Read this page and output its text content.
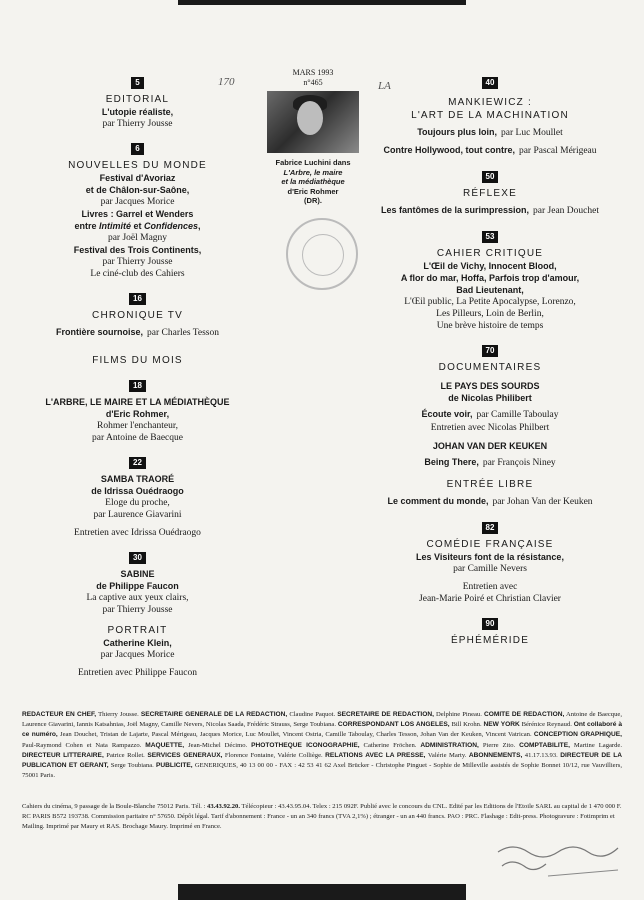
170	LA
5
EDITORIAL
L'utopie réaliste,
par Thierry Jousse
6
NOUVELLES DU MONDE
Festival d'Avoriaz
et de Châlon-sur-Saône,
par Jacques Morice
Livres : Garrel et Wenders
entre Intimité et Confidences,
par Joël Magny
Festival des Trois Continents,
par Thierry Jousse
Le ciné-club des Cahiers
16
CHRONIQUE TV
Frontière sournoise, par Charles Tesson
FILMS DU MOIS
18
L'ARBRE, LE MAIRE ET LA MÉDIATHÈQUE
d'Eric Rohmer,
Rohmer l'enchanteur,
par Antoine de Baecque
22
SAMBA TRAORÉ
de Idrissa Ouédraogo
Eloge du proche,
par Laurence Giavarini
Entretien avec Idrissa Ouédraogo
30
SABINE
de Philippe Faucon
La captive aux yeux clairs,
par Thierry Jousse
PORTRAIT
Catherine Klein,
par Jacques Morice
Entretien avec Philippe Faucon
MARS 1993
n°465
Fabrice Luchini dans
L'Arbre, le maire
et la médiathèque
d'Eric Rohmer
(DR).
40
MANKIEWICZ :
L'ART DE LA MACHINATION
Toujours plus loin, par Luc Moullet
Contre Hollywood, tout contre, par Pascal Mérigeau
50
RÉFLEXE
Les fantômes de la surimpression, par Jean Douchet
53
CAHIER CRITIQUE
L'Œil de Vichy, Innocent Blood,
A flor do mar, Hoffa, Parfois trop d'amour,
Bad Lieutenant,
L'Œil public, La Petite Apocalypse, Lorenzo,
Les Pilleurs, Loin de Berlin,
Une brève histoire de temps
70
DOCUMENTAIRES
LE PAYS DES SOURDS
de Nicolas Philibert
Écoute voir, par Camille Taboulay
Entretien avec Nicolas Philbert
JOHAN VAN DER KEUKEN
Being There, par François Niney
ENTRÉE LIBRE
Le comment du monde, par Johan Van der Keuken
82
COMÉDIE FRANÇAISE
Les Visiteurs font de la résistance,
par Camille Nevers
Entretien avec
Jean-Marie Poiré et Christian Clavier
90
ÉPHÉMÉRIDE
REDACTEUR EN CHEF, Thierry Jousse. SECRETAIRE GENERALE DE LA REDACTION, Claudine Paquot. SECRETAIRE DE REDACTION, Delphine Pineau. COMITE DE REDACTION, Antoine de Baecque, Laurence Giavarini, Iannis Katsahnias, Joël Magny, Camille Nevers, Nicolas Saada, Frédéric Strauss, Serge Toubiana. CORRESPONDANT LOS ANGELES, Bill Krohn. NEW YORK Bérénice Reynaud. Ont collaboré à ce numéro, Jean Douchet, Tristan de Lajarte, Pascal Mérigeau, Jacques Morice, Luc Moullet, Vincent Ostria, Camille Taboulay, Charles Tesson, Johan Van der Keuken, Vincent Vatrican. CONCEPTION GRAPHIQUE, Paul-Raymond Cohen et Nata Rampazzo. MAQUETTE, Jean-Michel Décimo. PHOTOTHEQUE ICONOGRAPHIE, Catherine Fröchen. ADMINISTRATION, Pierre Zito. COMPTABILITE, Martine Lagarde. DIRECTEUR LITTERAIRE, Patrice Rollet. SERVICES GENERAUX, Florence Fontaine, Valérie Colliège. RELATIONS AVEC LA PRESSE, Valérie Marty. ABONNEMENTS, 41.17.13.93. DIRECTEUR DE LA PUBLICATION ET GERANT, Serge Toubiana. PUBLICITE, GENERIQUES, 40 13 00 00 - FAX : 42 53 41 62 Axel Brücker - Christophe Pinguet - Sophie de Milleville assistés de Sophie Bonnet 10/12, rue Vauvilliers, 75001 Paris.
Cahiers du cinéma, 9 passage de la Boule-Blanche 75012 Paris. Tél. : 43.43.92.20. Télécopieur : 43.43.95.04. Telex : 215 092F. Publié avec le concours du CNL. Edité par les Editions de l'Etoile SARL au capital de 1 470 000 F. RC PARIS B572 193738. Commission paritaire n° 57650. Dépôt légal. Tarif d'abonnement : France - un an 340 francs (TVA 2,1%) ; étranger - un an 440 francs. PAO : PRC. Flashage : Edit-press. Photogravure : Fotimprim et Mailing. Imprimé par Maury et RAS. Brochage Maury. Imprimé en France.
